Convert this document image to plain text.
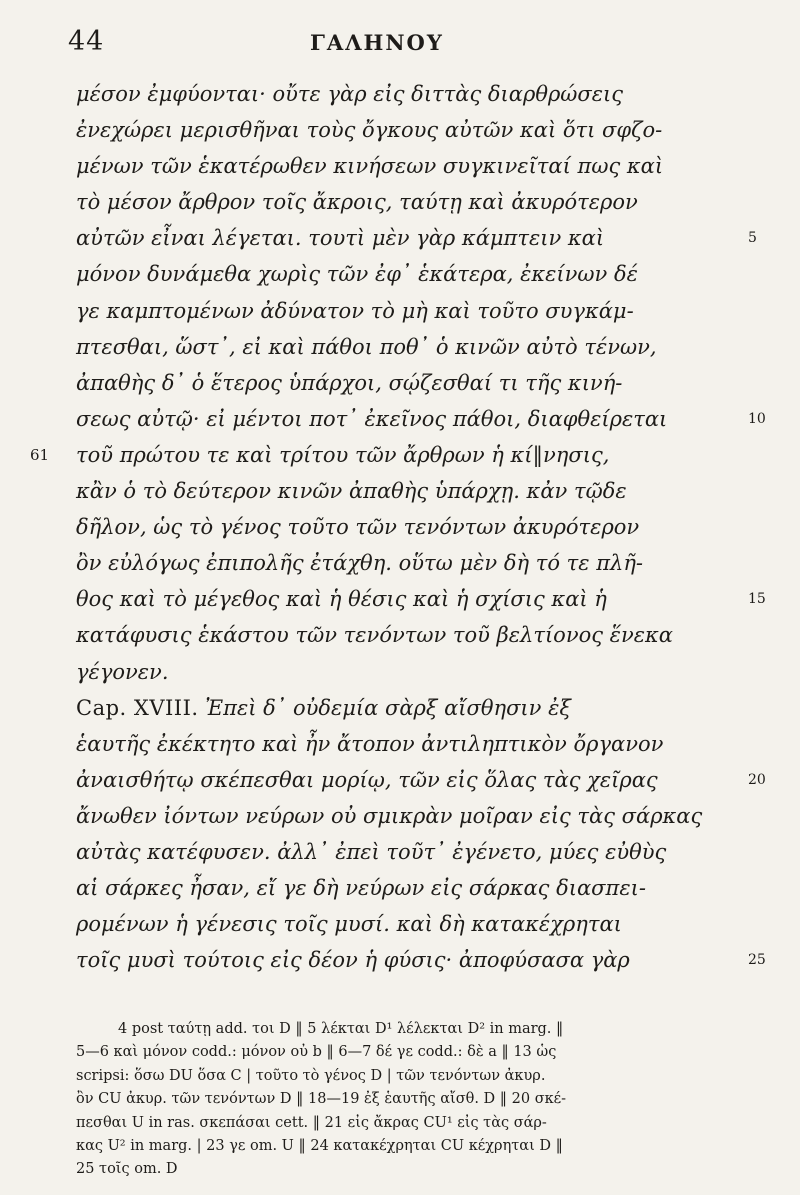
44	ΓΑΛΗΝΟΥ
μέσον ἐμφύονται· οὔτε γὰρ εἰς διττὰς διαρθρώσεις
ἐνεχώρει μερισθῆναι τοὺς ὄγκους αὐτῶν καὶ ὅτι σφζο-
μένων τῶν ἑκατέρωθεν κινήσεων συγκινεῖταί πως καὶ
τὸ μέσον ἄρθρον τοῖς ἄκροις, ταύτῃ καὶ ἀκυρότερον
αὐτῶν εἶναι λέγεται. τουτὶ μὲν γὰρ κάμπτειν καὶ	5
μόνον δυνάμεθα χωρὶς τῶν ἐφ᾽ ἑκάτερα, ἐκείνων δέ
γε καμπτομένων ἀδύνατον τὸ μὴ καὶ τοῦτο συγκάμ-
πτεσθαι, ὥστ᾽, εἰ καὶ πάθοι ποθ᾽ ὁ κινῶν αὐτὸ τένων,
ἀπαθὴς δ᾽ ὁ ἕτερος ὑπάρχοι, σῴζεσθαί τι τῆς κινή-
σεως αὐτῷ· εἰ μέντοι ποτ᾽ ἐκεῖνος πάθοι, διαφθείρεται	10
τοῦ πρώτου τε καὶ τρίτου τῶν ἄρθρων ἡ κί‖νησις,
61
κἂν ὁ τὸ δεύτερον κινῶν ἀπαθὴς ὑπάρχῃ. κἀν τῷδε
δῆλον, ὡς τὸ γένος τοῦτο τῶν τενόντων ἀκυρότερον
ὂν εὐλόγως ἐπιπολῆς ἐτάχθη. οὕτω μὲν δὴ τό τε πλῆ-
θος καὶ τὸ μέγεθος καὶ ἡ θέσις καὶ ἡ σχίσις καὶ ἡ	15
κατάφυσις ἑκάστου τῶν τενόντων τοῦ βελτίονος ἕνεκα
γέγονεν.
Cap. XVIII. Ἐπεὶ δ᾽ οὐδεμία σὰρξ αἴσθησιν ἐξ
ἑαυτῆς ἐκέκτητο καὶ ἦν ἄτοπον ἀντιληπτικὸν ὄργανον
ἀναισθήτῳ σκέπεσθαι μορίῳ, τῶν εἰς ὅλας τὰς χεῖρας	20
ἄνωθεν ἰόντων νεύρων οὐ σμικρὰν μοῖραν εἰς τὰς σάρκας
αὐτὰς κατέφυσεν. ἀλλ᾽ ἐπεὶ τοῦτ᾽ ἐγένετο, μύες εὐθὺς
αἱ σάρκες ἦσαν, εἴ γε δὴ νεύρων εἰς σάρκας διασπει-
ρομένων ἡ γένεσις τοῖς μυσί. καὶ δὴ κατακέχρηται
τοῖς μυσὶ τούτοις εἰς δέον ἡ φύσις· ἀποφύσασα γὰρ	25
4 post ταύτῃ add. τοι D ‖ 5 λέκται D¹ λέλεκται D² in marg. ‖
5—6 καὶ μόνον codd.: μόνον οὐ b ‖ 6—7 δέ γε codd.: δὲ a ‖ 13 ὡς
scripsi: ὅσω DU ὅσα C | τοῦτο τὸ γένος D | τῶν τενόντων ἀκυρ.
ὂν CU ἀκυρ. τῶν τενόντων D ‖ 18—19 ἐξ ἑαυτῆς αἴσθ. D ‖ 20 σκέ-
πεσθαι U in ras. σκεπάσαι cett. ‖ 21 εἰς ἄκρας CU¹ εἰς τὰς σάρ-
κας U² in marg. | 23 γε om. U ‖ 24 κατακέχρηται CU κέχρηται D ‖
25 τοῖς om. D
